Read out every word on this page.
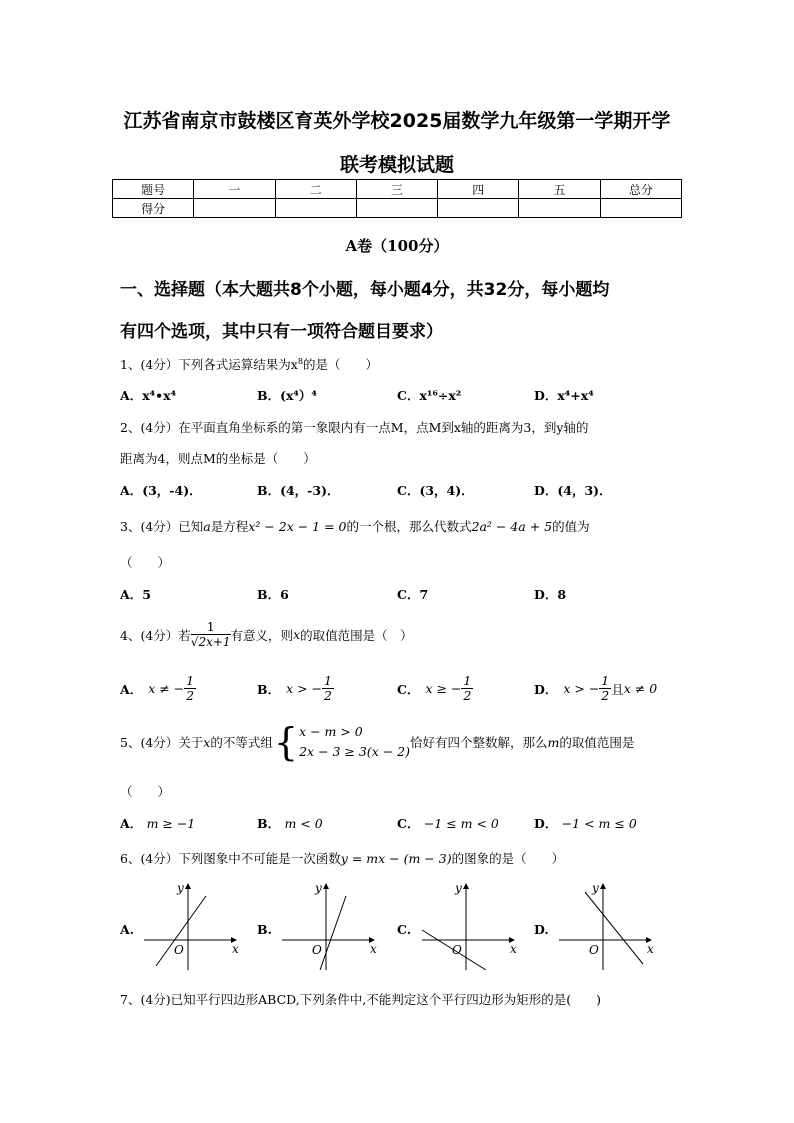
江苏省南京市鼓楼区育英外学校2025届数学九年级第一学期开学
联考模拟试题
题号	一	二	三	四	五	总分
得分						
A卷（100分）
一、选择题（本大题共8个小题，每小题4分，共32分，每小题均
有四个选项，其中只有一项符合题目要求）
1、(4分）下列各式运算结果为$x^8$的是（　　）
A．x⁴•x⁴	B．(x⁴）⁴	C．x¹⁶÷x²	D．x⁴+x⁴
2、(4分）在平面直角坐标系的第一象限内有一点M，点M到x轴的距离为3，到y轴的
距离为4，则点M的坐标是（　　）
A．(3，-4)．	B．(4，-3)．	C．(3，4)．	D．(4，3)．
3、(4分）已知a是方程x² − 2x − 1 = 0的一个根，那么代数式2a² − 4a + 5的值为
（　　）
A．5	B．6	C．7	D．8
4、(4分）若 $\frac{1}{√2x+1}$ 有意义，则 x 的取值范围是（　）
A． x ≠ − $\frac{1}{2}$	B． x > − $\frac{1}{2}$	C． x ≥ − $\frac{1}{2}$	D． x > − $\frac{1}{2}$ 且 x ≠ 0
5、(4分）关于 x 的不等式组 { x − m > 0
2x − 3 ≥ 3(x − 2)
恰好有四个整数解，那么 m 的取值范围是
（　　）
A． m ≥ −1	B． m < 0	C． −1 ≤ m < 0	D． −1 < m ≤ 0
6、(4分）下列图象中不可能是一次函数y = mx − (m − 3)的图象的是（　　）
A.	B.	C.	D.
y
x
O
y
x
O
y
x
O
y
x
O
7、(4分)已知平行四边形ABCD,下列条件中,不能判定这个平行四边形为矩形的是(　　)
